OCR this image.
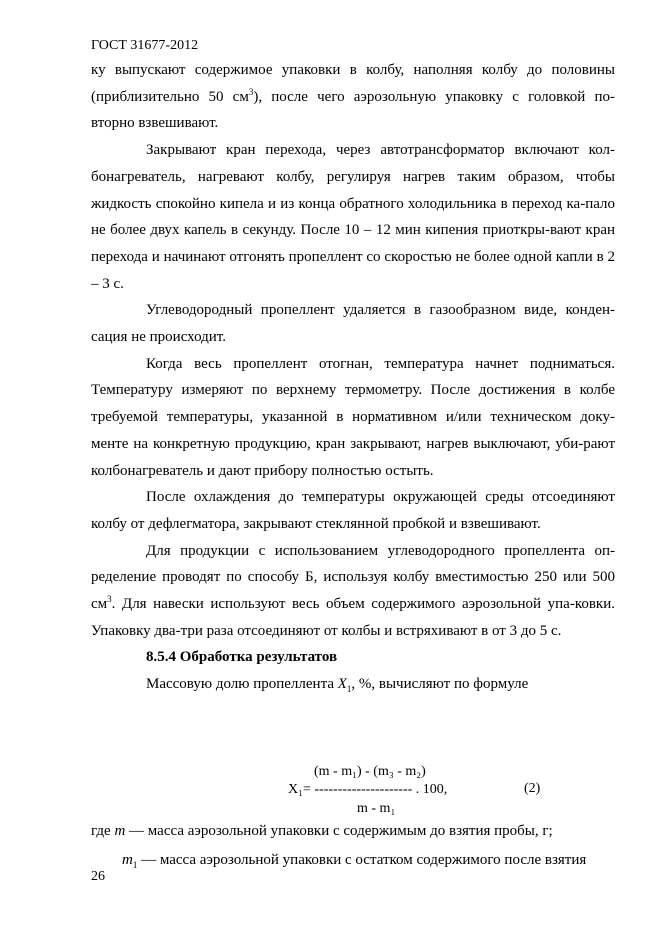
ГОСТ 31677-2012

ку выпускают содержимое упаковки в колбу, наполняя колбу до половины

(приблизительно 50 $см^3$), после чего аэрозольную упаковку с головкой по-

вторно взвешивают.

Закрывают кран перехода, через автотрансформатор включают кол-бонагреватель, нагревают колбу, регулируя нагрев таким образом, чтобы жидкость спокойно кипела и из конца обратного холодильника в переход ка-пало не более двух капель в секунду. После 10 – 12 мин кипения приоткры-вают кран перехода и начинают отгонять пропеллент со скоростью не более одной капли в 2 – 3 с.

Углеводородный пропеллент удаляется в газообразном виде, конден-сация не происходит.

Когда весь пропеллент отогнан, температура начнет подниматься. Температуру измеряют по верхнему термометру. После достижения в колбе требуемой температуры, указанной в нормативном и/или техническом доку-менте на конкретную продукцию, кран закрывают, нагрев выключают, уби-рают колбонагреватель и дают прибору полностью остыть.

После охлаждения до температуры окружающей среды отсоединяют колбу от дефлегматора, закрывают стеклянной пробкой и взвешивают.

Для продукции с использованием углеводородного пропеллента оп-ределение проводят по способу Б, используя колбу вместимостью 250 или 500 $см^3$. Для навески используют весь объем содержимого аэрозольной упа-ковки. Упаковку два-три раза отсоединяют от колбы и встряхивают в от 3 до 5 с.

8.5.4 Обработка результатов

Массовую долю пропеллента $X_1$, %, вычисляют по формуле

(m - m₁) - (m₃ - m₂)
X₁= --------------------- . 100,
m - m₁
(2)
где m — масса аэрозольной упаковки с содержимым до взятия пробы, г;
$m_1$ — масса аэрозольной упаковки с остатком содержимого после взятия
26
